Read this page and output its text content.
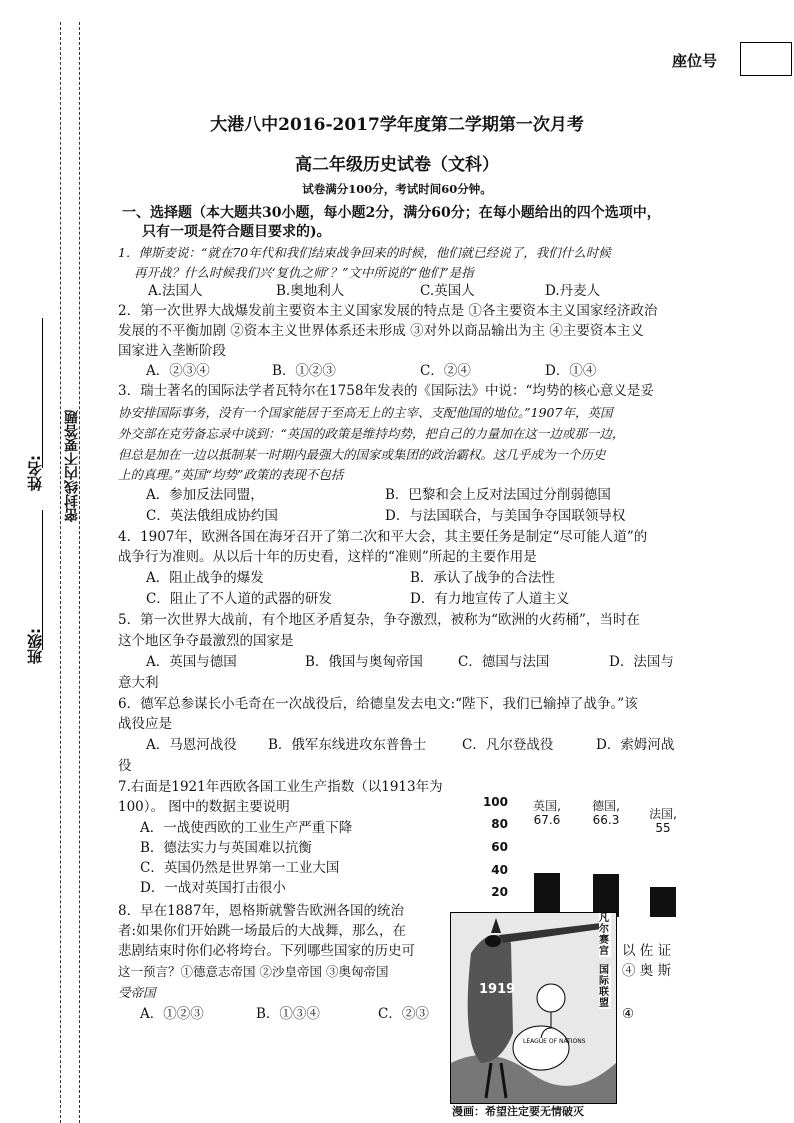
密封线内不要答题
姓名:
班级:
座位号
大港八中2016-2017学年度第二学期第一次月考
高二年级历史试卷（文科）
试卷满分100分，考试时间60分钟。
一、选择题（本大题共30小题，每小题2分，满分60分；在每小题给出的四个选项中，
只有一项是符合题目要求的)。
1．俾斯麦说：“就在70年代和我们结束战争回来的时候，他们就已经说了，我们什么时候
再开战？什么时候我们兴‘复仇之师’？”文中所说的“他们”是指
A.法国人	B.奥地利人	C.英国人	D.丹麦人
2．第一次世界大战爆发前主要资本主义国家发展的特点是 ①各主要资本主义国家经济政治
发展的不平衡加剧 ②资本主义世界体系还未形成 ③对外以商品输出为主 ④主要资本主义
国家进入垄断阶段
A．②③④	B．①②③	C．②④	D．①④
3．瑞士著名的国际法学者瓦特尔在1758年发表的《国际法》中说：“均势的核心意义是妥
协安排国际事务，没有一个国家能居于至高无上的主宰、支配他国的地位。”1907年，英国
外交部在克劳备忘录中谈到：“英国的政策是维持均势，把自己的力量加在这一边或那一边，
但总是加在一边以抵制某一时期内最强大的国家或集团的政治霸权。这几乎成为一个历史
上的真理。”英国“均势”政策的表现不包括
A．参加反法同盟，	B．巴黎和会上反对法国过分削弱德国
C．英法俄组成协约国	D．与法国联合，与美国争夺国联领导权
4．1907年，欧洲各国在海牙召开了第二次和平大会，其主要任务是制定“尽可能人道”的
战争行为准则。从以后十年的历史看，这样的“准则”所起的主要作用是
A．阻止战争的爆发	B．承认了战争的合法性
C．阻止了不人道的武器的研发	D．有力地宣传了人道主义
5．第一次世界大战前，有个地区矛盾复杂，争夺激烈，被称为“欧洲的火药桶”，当时在
这个地区争夺最激烈的国家是
A．英国与德国	B．俄国与奥匈帝国	C．德国与法国	D．法国与
意大利
6．德军总参谋长小毛奇在一次战役后，给德皇发去电文:“陛下，我们已输掉了战争。”该
战役应是
A．马恩河战役 B．俄军东线进攻东普鲁士	C．凡尔登战役	D．索姆河战
役
7.右面是1921年西欧各国工业生产指数（以1913年为
100）。 图中的数据主要说明
A．一战使西欧的工业生产严重下降
B．德法实力与英国难以抗衡
C．英国仍然是世界第一工业大国
D．一战对英国打击很小
100
80
60
40
20
英国,
67.6
德国,
66.3	法国,
55
8．早在1887年，恩格斯就警告欧洲各国的统治
者:如果你们开始跳一场最后的大战舞，那么，在
悲剧结束时你们必将垮台。下列哪些国家的历史可
这一预言？①德意志帝国 ②沙皇帝国 ③奥匈帝国
受帝国
以 佐 证
④ 奥 斯
A．①②③	B．①③④	C．②③	④
1919
LEAGUE OF NATIONS
凡尔赛宫
国际联盟
漫画：希望注定要无情破灭
